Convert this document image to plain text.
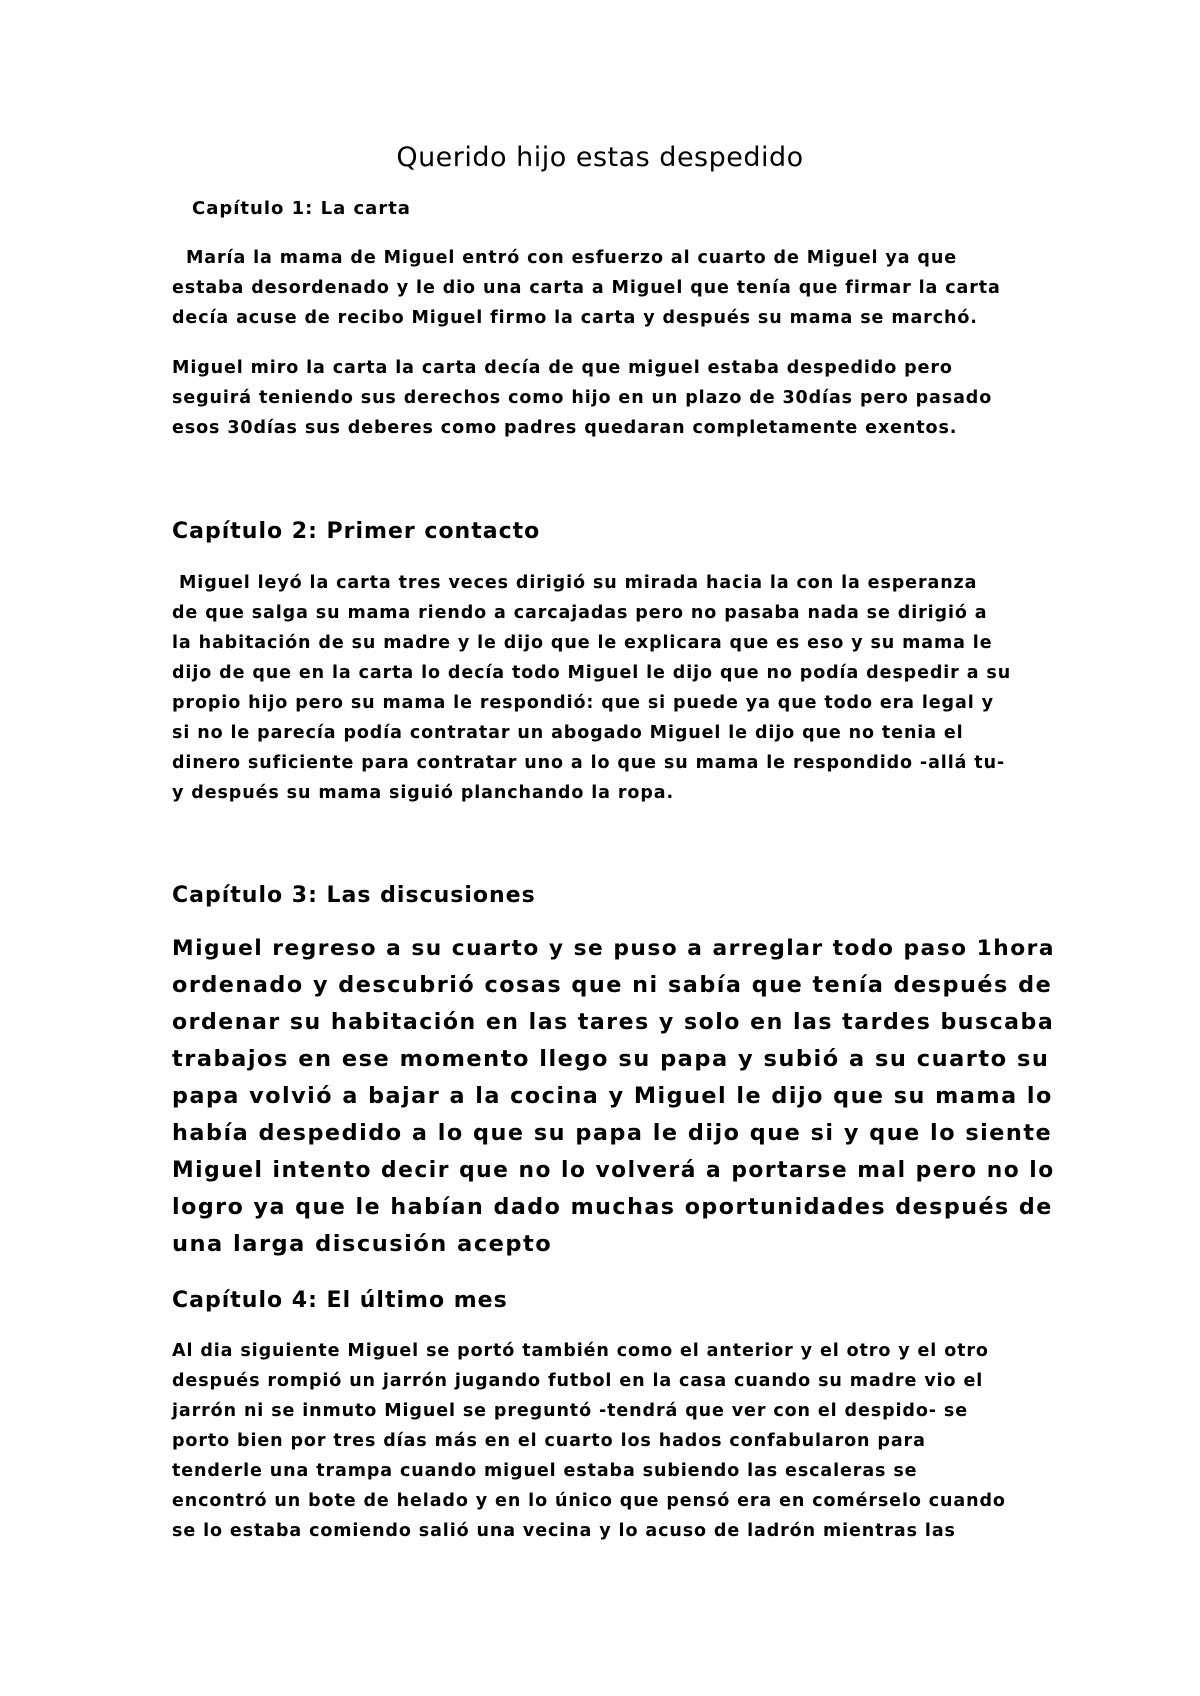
Querido hijo estas despedido
Capítulo 1: La carta
María la mama de Miguel entró con esfuerzo al cuarto de Miguel ya que
estaba desordenado y le dio una carta a Miguel que tenía que firmar la carta
decía acuse de recibo Miguel firmo la carta y después su mama se marchó.
Miguel miro la carta la carta decía de que miguel estaba despedido pero
seguirá teniendo sus derechos como hijo en un plazo de 30días pero pasado
esos 30días sus deberes como padres quedaran completamente exentos.
Capítulo 2: Primer contacto
Miguel leyó la carta tres veces dirigió su mirada hacia la con la esperanza
de que salga su mama riendo a carcajadas pero no pasaba nada se dirigió a
la habitación de su madre y le dijo que le explicara que es eso y su mama le
dijo de que en la carta lo decía todo Miguel le dijo que no podía despedir a su
propio hijo pero su mama le respondió: que si puede ya que todo era legal y
si no le parecía podía contratar un abogado Miguel le dijo que no tenia el
dinero suficiente para contratar uno a lo que su mama le respondido -allá tu-
y después su mama siguió planchando la ropa.
Capítulo 3: Las discusiones
Miguel regreso a su cuarto y se puso a arreglar todo paso 1hora
ordenado y descubrió cosas que ni sabía que tenía después de
ordenar su habitación en las tares y solo en las tardes buscaba
trabajos en ese momento llego su papa y subió a su cuarto su
papa volvió a bajar a la cocina y Miguel le dijo que su mama lo
había despedido a lo que su papa le dijo que si y que lo siente
Miguel intento decir que no lo volverá a portarse mal pero no lo
logro ya que le habían dado muchas oportunidades después de
una larga discusión acepto
Capítulo 4: El último mes
Al dia siguiente Miguel se portó también como el anterior y el otro y el otro
después rompió un jarrón jugando futbol en la casa cuando su madre vio el
jarrón ni se inmuto Miguel se preguntó -tendrá que ver con el despido- se
porto bien por tres días más en el cuarto los hados confabularon para
tenderle una trampa cuando miguel estaba subiendo las escaleras se
encontró un bote de helado y en lo único que pensó era en comérselo cuando
se lo estaba comiendo salió una vecina y lo acuso de ladrón mientras las
